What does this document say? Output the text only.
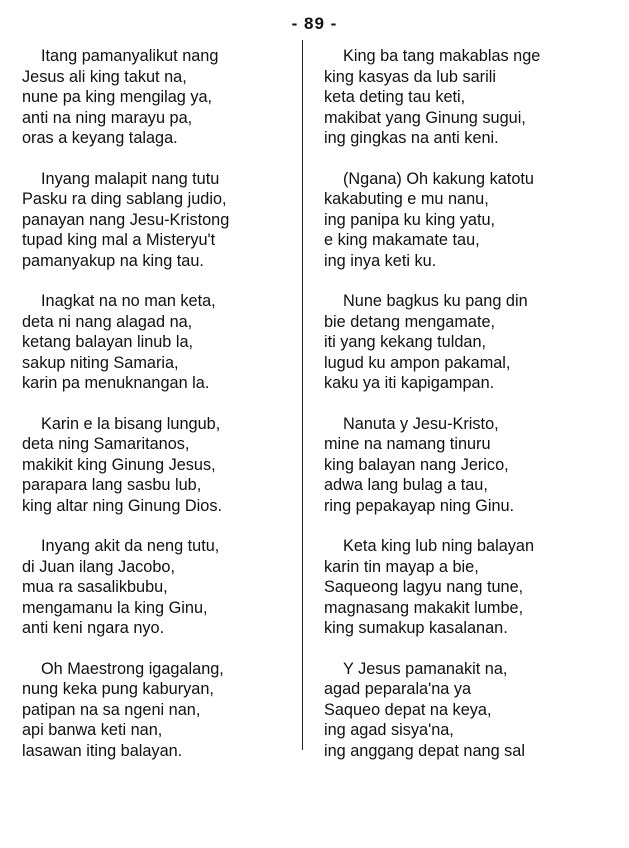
- 89 -
Itang pamanyalikut nang
Jesus ali king takut na,
nune pa king mengilag ya,
anti na ning marayu pa,
oras a keyang talaga.
Inyang malapit nang tutu
Pasku ra ding sablang judio,
panayan nang Jesu-Kristong
tupad king mal a Misteryu't
pamanyakup na king tau.
Inagkat na no man keta,
deta ni nang alagad na,
ketang balayan linub la,
sakup niting Samaria,
karin pa menuknangan la.
Karin e la bisang lungub,
deta ning Samaritanos,
makikit king Ginung Jesus,
parapara lang sasbu lub,
king altar ning Ginung Dios.
Inyang akit da neng tutu,
di Juan ilang Jacobo,
mua ra sasalikbubu,
mengamanu la king Ginu,
anti keni ngara nyo.
Oh Maestrong igagalang,
nung keka pung kaburyan,
patipan na sa ngeni nan,
api banwa keti nan,
lasawan iting balayan.
King ba tang makablas nge
king kasyas da lub sarili
keta deting tau keti,
makibat yang Ginung sugui,
ing gingkas na anti keni.
(Ngana) Oh kakung katotu
kakabuting e mu nanu,
ing panipa ku king yatu,
e king makamate tau,
ing inya keti ku.
Nune bagkus ku pang din
bie detang mengamate,
iti yang kekang tuldan,
lugud ku ampon pakamal,
kaku ya iti kapigampan.
Nanuta y Jesu-Kristo,
mine na namang tinuru
king balayan nang Jerico,
adwa lang bulag a tau,
ring pepakayap ning Ginu.
Keta king lub ning balayan
karin tin mayap a bie,
Saqueong lagyu nang tune,
magnasang makakit lumbe,
king sumakup kasalanan.
Y Jesus pamanakit na,
agad peparala'na ya
Saqueo depat na keya,
ing agad sisya'na,
ing anggang depat nang sal
